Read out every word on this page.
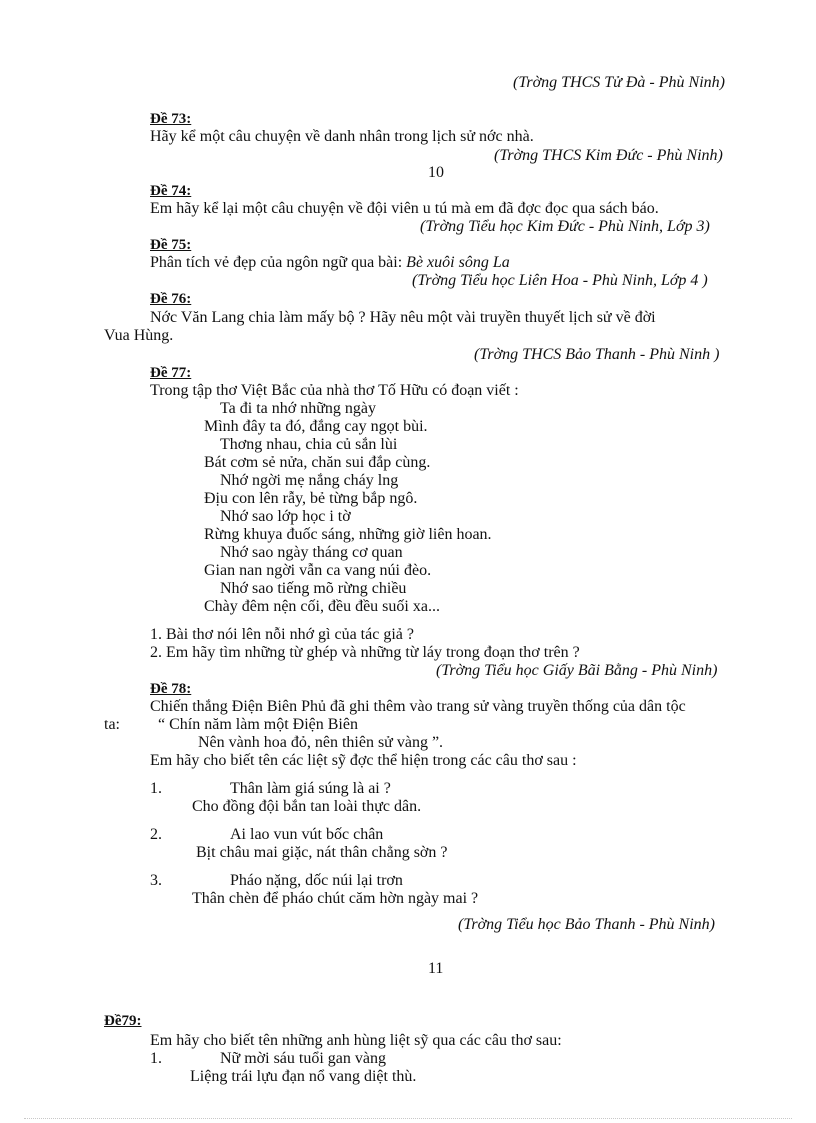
(Trờng THCS Tử Đà - Phù Ninh)
Đề 73:
Hãy kể một câu chuyện về danh nhân trong lịch sử nớc nhà.
(Trờng THCS Kim Đức - Phù Ninh)
10
Đề 74:
Em hãy kể lại một câu chuyện về đội viên u tú mà em đã đợc đọc qua sách báo.
(Trờng Tiểu học Kim Đức - Phù Ninh, Lớp 3)
Đề 75:
Phân tích vẻ đẹp của ngôn ngữ qua bài: Bè xuôi sông La
(Trờng Tiểu học Liên Hoa - Phù Ninh, Lớp 4 )
Đề 76:
Nớc Văn Lang chia làm mấy bộ ? Hãy nêu một vài truyền thuyết lịch sử về đời
Vua Hùng.
(Trờng THCS Bảo Thanh - Phù Ninh )
Đề 77:
Trong tập thơ Việt Bắc của nhà thơ Tố Hữu có đoạn viết :
Ta đi ta nhớ những ngày
Mình đây ta đó, đắng cay ngọt bùi.
Thơng nhau, chia củ sắn lùi
Bát cơm sẻ nửa, chăn sui đắp cùng.
Nhớ ngời mẹ nắng cháy lng
Địu con lên rẫy, bẻ từng bắp ngô.
Nhớ sao lớp học i tờ
Rừng khuya đuốc sáng, những giờ liên hoan.
Nhớ sao ngày tháng cơ quan
Gian nan ngời vẫn ca vang núi đèo.
Nhớ sao tiếng mõ rừng chiều
Chày đêm nện cối, đều đều suối xa...
1. Bài thơ nói lên nỗi nhớ gì của tác giả ?
2. Em hãy tìm những từ ghép và những từ láy trong đoạn thơ trên ?
(Trờng Tiểu học Giấy Bãi Bằng - Phù Ninh)
Đề 78:
Chiến thắng Điện Biên Phủ đã ghi thêm vào trang sử vàng truyền thống của dân tộc
ta: “ Chín năm làm một Điện Biên
Nên vành hoa đỏ, nên thiên sử vàng ”.
Em hãy cho biết tên các liệt sỹ đợc thể hiện trong các câu thơ sau :
1.	Thân làm giá súng là ai ?
Cho đồng đội bắn tan loài thực dân.
2.	Ai lao vun vút bốc chân
Bịt châu mai giặc, nát thân chẳng sờn ?
3.	Pháo nặng, dốc núi lại trơn
Thân chèn để pháo chút căm hờn ngày mai ?
(Trờng Tiểu học Bảo Thanh - Phù Ninh)
11
Đề79:
Em hãy cho biết tên những anh hùng liệt sỹ qua các câu thơ sau:
1.	Nữ mời sáu tuổi gan vàng
Liệng trái lựu đạn nổ vang diệt thù.
